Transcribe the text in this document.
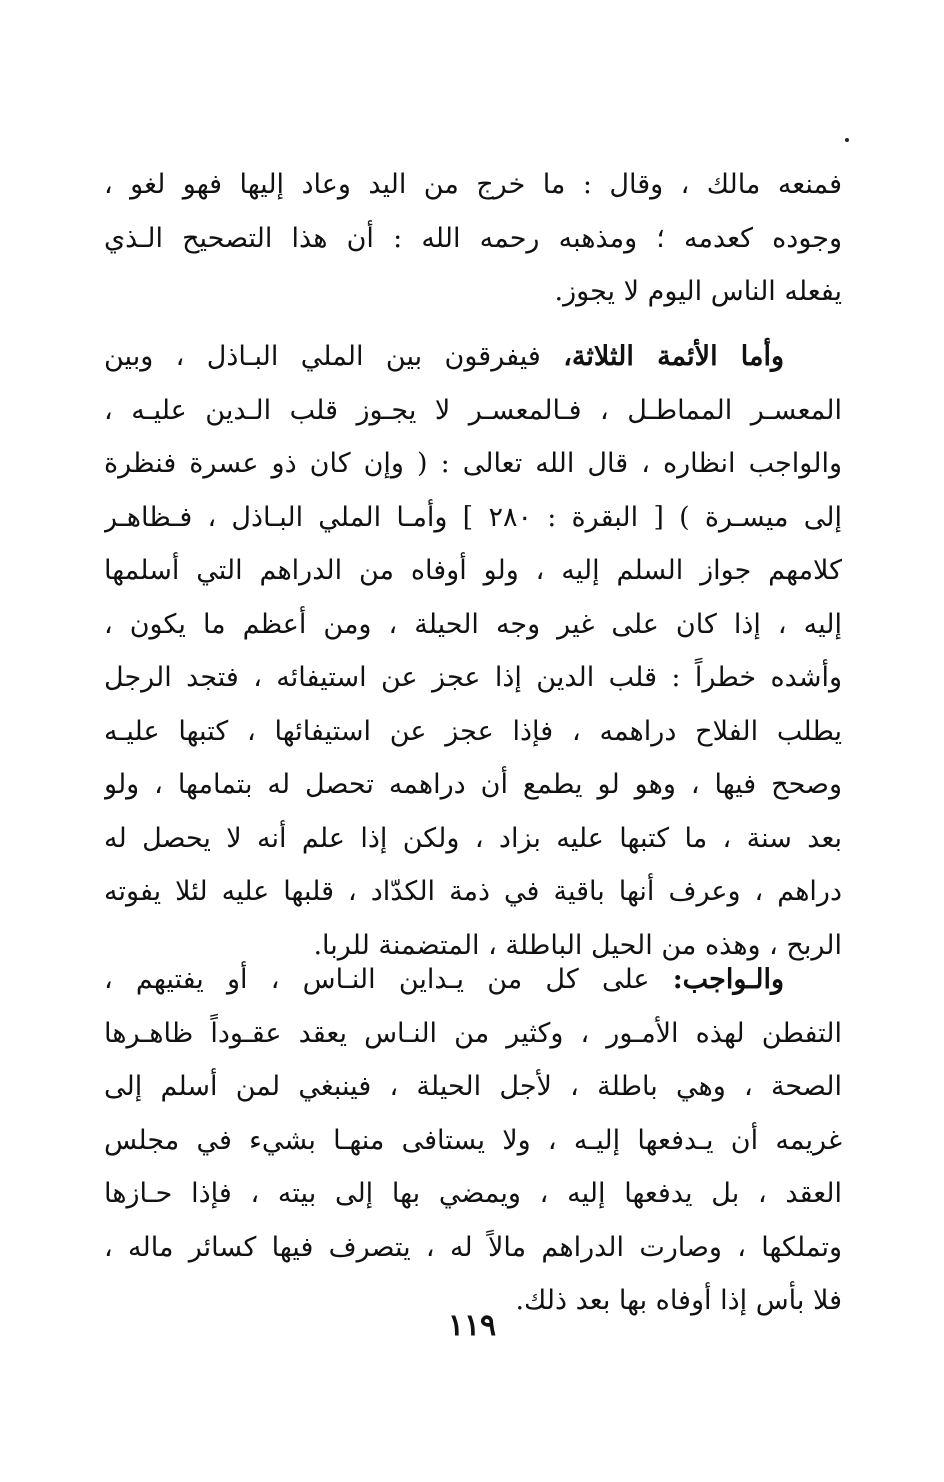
فمنعه مالك ، وقال : ما خرج من اليد وعاد إليها فهو لغو ،
وجوده كعدمه ؛ ومذهبه رحمه الله : أن هذا التصحيح الـذي
يفعله الناس اليوم لا يجوز.
وأما الأئمة الثلاثة، فيفرقون بين الملي البـاذل ، وبين
المعسـر المماطـل ، فـالمعسـر لا يجـوز قلب الـدين عليـه ،
والواجب انظاره ، قال الله تعالى : ( وإن كان ذو عسرة فنظرة
إلى ميسـرة ) [ البقرة : ٢٨٠ ] وأمـا الملي البـاذل ، فـظاهـر
كلامهم جواز السلم إليه ، ولو أوفاه من الدراهم التي أسلمها
إليه ، إذا كان على غير وجه الحيلة ، ومن أعظم ما يكون ،
وأشده خطراً : قلب الدين إذا عجز عن استيفائه ، فتجد الرجل
يطلب الفلاح دراهمه ، فإذا عجز عن استيفائها ، كتبها عليـه
وصحح فيها ، وهو لو يطمع أن دراهمه تحصل له بتمامها ، ولو
بعد سنة ، ما كتبها عليه بزاد ، ولكن إذا علم أنه لا يحصل له
دراهم ، وعرف أنها باقية في ذمة الكدّاد ، قلبها عليه لئلا يفوته
الربح ، وهذه من الحيل الباطلة ، المتضمنة للربا.
والـواجب: على كل من يـداين النـاس ، أو يفتيهم ،
التفطن لهذه الأمـور ، وكثير من النـاس يعقد عقـوداً ظاهـرها
الصحة ، وهي باطلة ، لأجل الحيلة ، فينبغي لمن أسلم إلى
غريمه أن يـدفعها إليـه ، ولا يستافى منهـا بشيء في مجلس
العقد ، بل يدفعها إليه ، ويمضي بها إلى بيته ، فإذا حـازها
وتملكها ، وصارت الدراهم مالاً له ، يتصرف فيها كسائر ماله ،
فلا بأس إذا أوفاه بها بعد ذلك.
١١٩
